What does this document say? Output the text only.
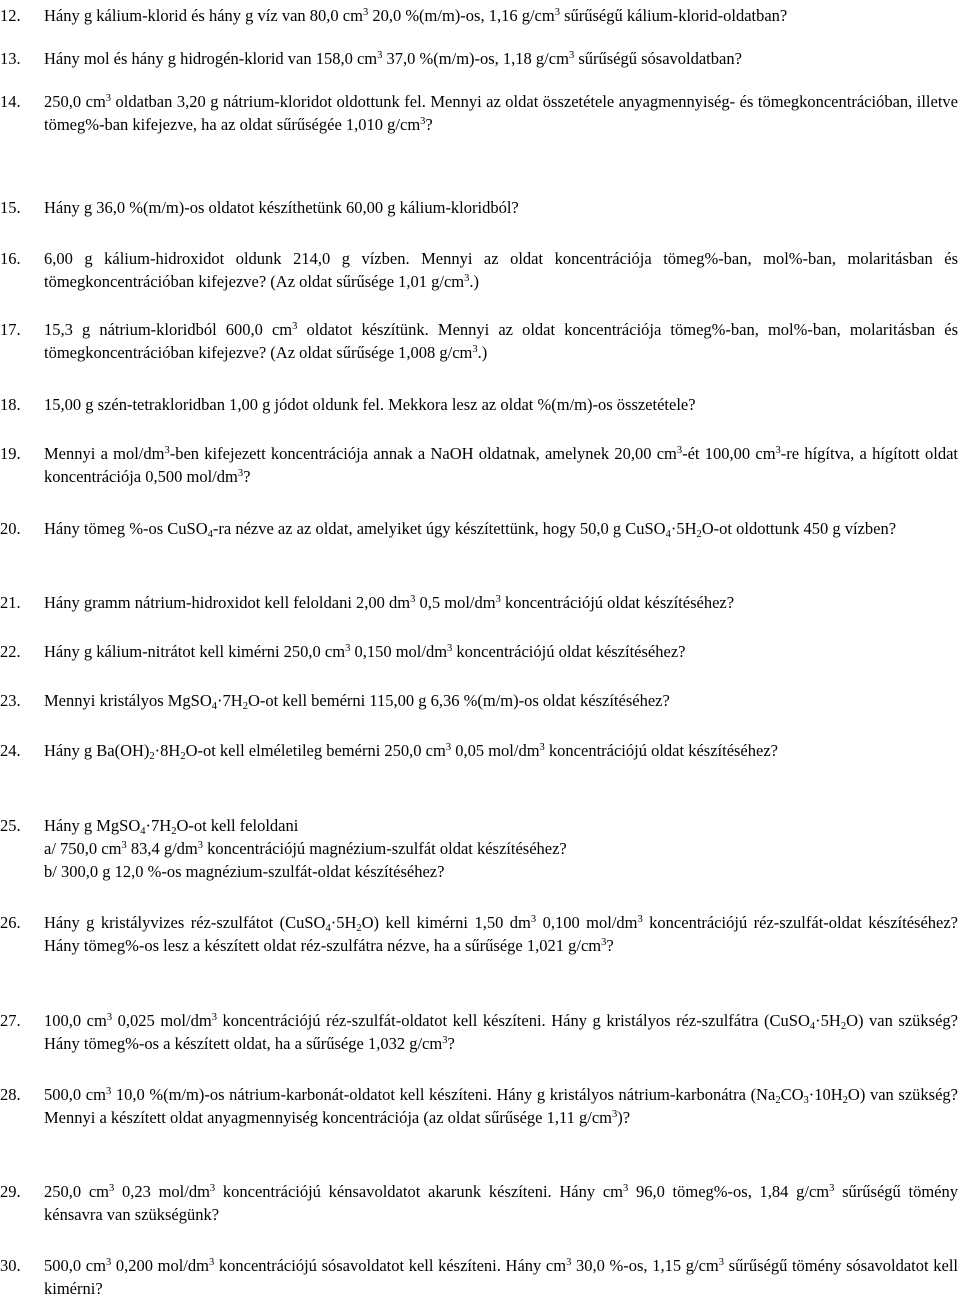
12.	Hány g kálium-klorid és hány g víz van 80,0 $cm^3$ 20,0 %(m/m)-os, 1,16 $g/cm^3$ sűrűségű kálium-klorid-oldatban?

13.	Hány mol és hány g hidrogén-klorid van 158,0 $cm^3$ 37,0 %(m/m)-os, 1,18 $g/cm^3$ sűrűségű sósavoldatban?

14.	250,0 $cm^3$ oldatban 3,20 g nátrium-kloridot oldottunk fel. Mennyi az oldat összetétele anyagmennyiség- és tömegkoncentrációban, illetve tömeg%-ban kifejezve, ha az oldat sűrűségée 1,010 $g/cm^3$?

15.	Hány g 36,0 %(m/m)-os oldatot készíthetünk 60,00 g kálium-kloridból?

16.	6,00 g kálium-hidroxidot oldunk 214,0 g vízben. Mennyi az oldat koncentrációja tömeg%-ban, mol%-ban, molaritásban és tömegkoncentrációban kifejezve? (Az oldat sűrűsége 1,01 $g/cm^3$.)

17.	15,3 g nátrium-kloridból 600,0 $cm^3$ oldatot készítünk. Mennyi az oldat koncentrációja tömeg%-ban, mol%-ban, molaritásban és tömegkoncentrációban kifejezve? (Az oldat sűrűsége 1,008 $g/cm^3$.)

18.	15,00 g szén-tetrakloridban 1,00 g jódot oldunk fel. Mekkora lesz az oldat %(m/m)-os összetétele?

19.	Mennyi a mol/$dm^3$-ben kifejezett koncentrációja annak a NaOH oldatnak, amelynek 20,00 $cm^3-ét$ 100,00 $cm^3-re$ hígítva, a hígított oldat koncentrációja 0,500 mol/$dm^3$?

20.	Hány tömeg %-os CuSO$_4$-ra nézve az az oldat, amelyiket úgy készítettünk, hogy 50,0 g $CuSO_4\cdot 5H_2O-ot$ oldottunk 450 g vízben?

21.	Hány gramm nátrium-hidroxidot kell feloldani 2,00 $dm^3$ 0,5 mol/$dm^3$ koncentrációjú oldat készítéséhez?

22.	Hány g kálium-nitrátot kell kimérni 250,0 $cm^3$ 0,150 mol/$dm^3$ koncentrációjú oldat készítéséhez?

23.	Mennyi kristályos $MgSO_4\cdot 7H_2O-ot$ kell bemérni 115,00 g 6,36 %(m/m)-os oldat készítéséhez?

24.	Hány g $Ba(OH)_2\cdot 8H_2O-ot$ kell elméletileg bemérni 250,0 $cm^3$ 0,05 mol/$dm^3$ koncentrációjú oldat készítéséhez?

25.	Hány g $MgSO_4\cdot 7H_2O-ot$ kell feloldani

a/ 750,0 $cm^3$ 83,4 $g/dm^3$ koncentrációjú magnézium-szulfát oldat készítéséhez?

b/ 300,0 g 12,0 %-os magnézium-szulfát-oldat készítéséhez?

26.	Hány g kristályvizes réz-szulfátot $(CuSO_4\cdot 5H_2O)$ kell kimérni 1,50 $dm^3$ 0,100 mol/$dm^3$ koncentrációjú réz-szulfát-oldat készítéséhez? Hány tömeg%-os lesz a készített oldat réz-szulfátra nézve, ha a sűrűsége 1,021 $g/cm^3$?

27.	100,0 $cm^3$ 0,025 mol/$dm^3$ koncentrációjú réz-szulfát-oldatot kell készíteni. Hány g kristályos réz-szulfátra $(CuSO_4\cdot 5H_2O)$ van szükség? Hány tömeg%-os a készített oldat, ha a sűrűsége 1,032 $g/cm^3$?

28.	500,0 $cm^3$ 10,0 %(m/m)-os nátrium-karbonát-oldatot kell készíteni. Hány g kristályos nátrium-karbonátra $(Na_2CO_3\cdot 10H_2O)$ van szükség? Mennyi a készített oldat anyagmennyiség koncentrációja (az oldat sűrűsége 1,11 $g/cm^3$)?

29.	250,0 $cm^3$ 0,23 mol/$dm^3$ koncentrációjú kénsavoldatot akarunk készíteni. Hány $cm^3$ 96,0 tömeg%-os, 1,84 $g/cm^3$ sűrűségű tömény kénsavra van szükségünk?

30.	500,0 $cm^3$ 0,200 mol/$dm^3$ koncentrációjú sósavoldatot kell készíteni. Hány $cm^3$ 30,0 %-os, 1,15 $g/cm^3$ sűrűségű tömény sósavoldatot kell kimérni?
